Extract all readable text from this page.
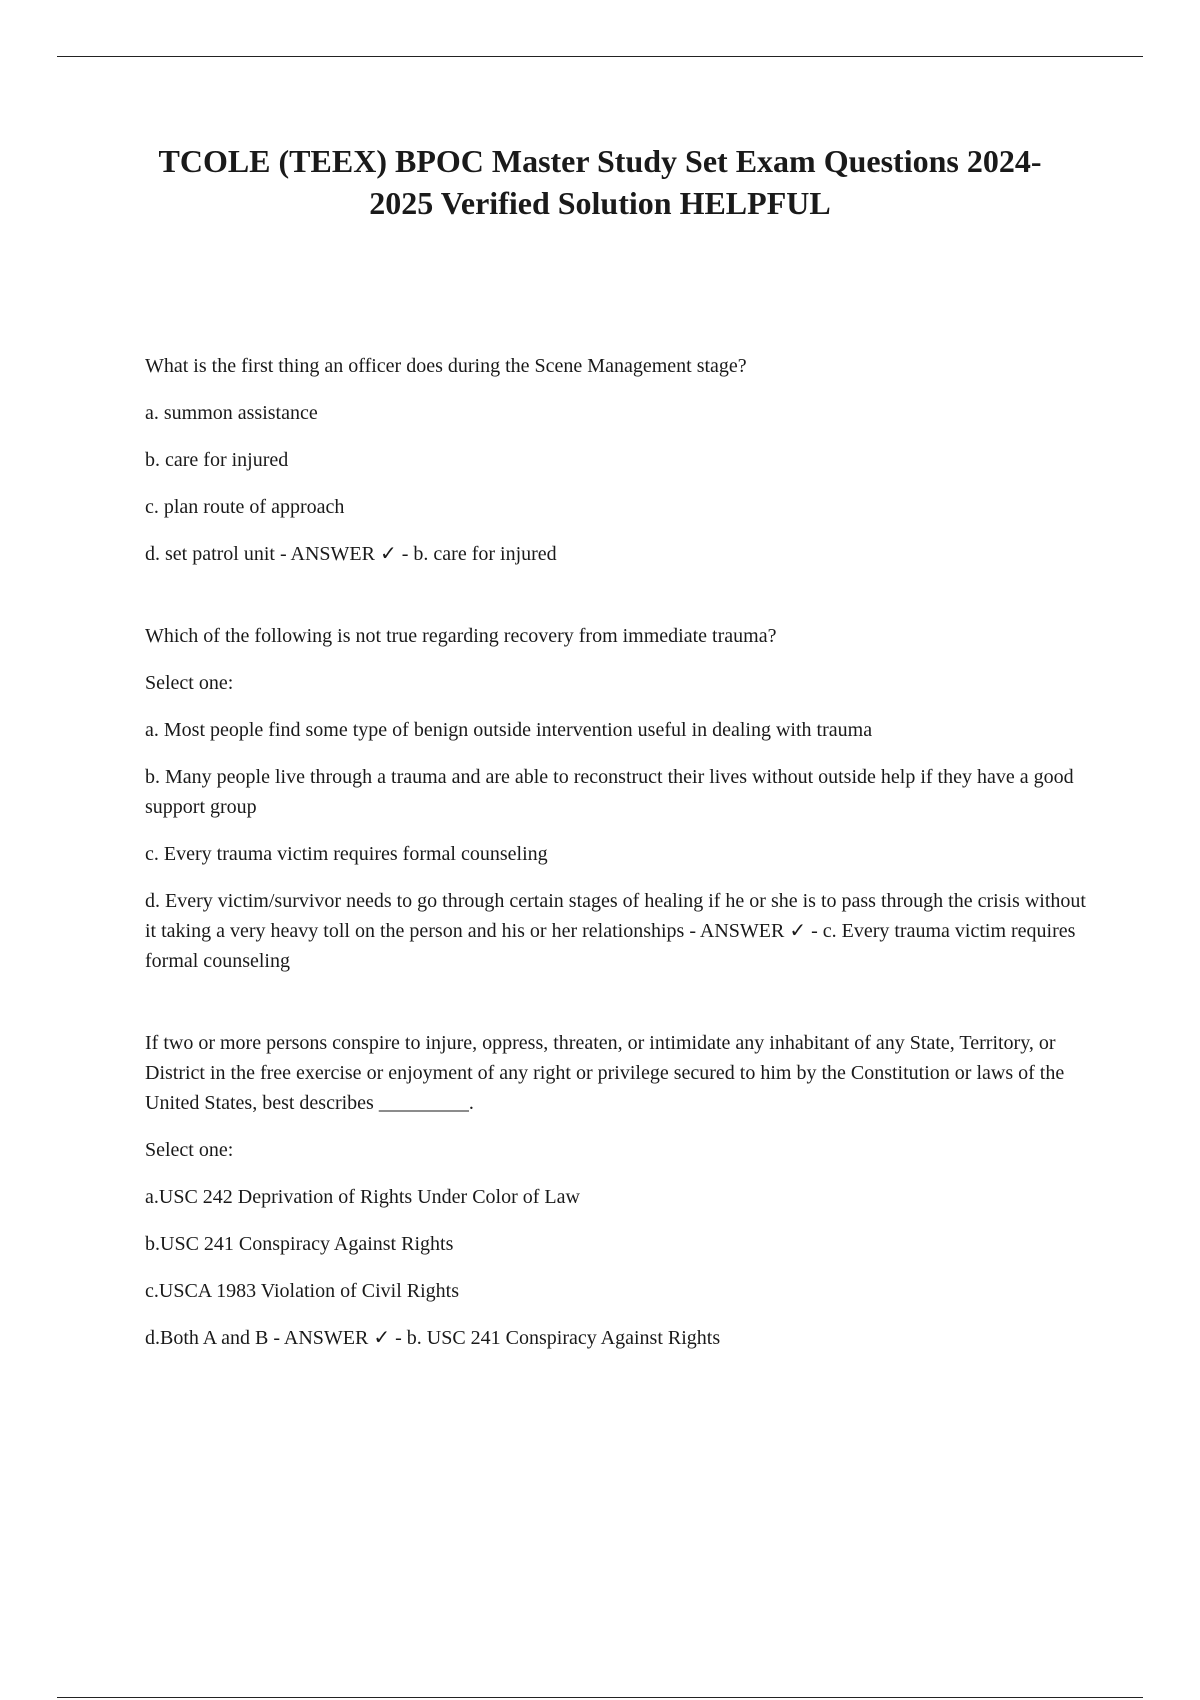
TCOLE (TEEX) BPOC Master Study Set Exam Questions 2024-2025 Verified Solution HELPFUL

What is the first thing an officer does during the Scene Management stage?

a. summon assistance

b. care for injured

c. plan route of approach

d. set patrol unit - ANSWER ✓ - b. care for injured

Which of the following is not true regarding recovery from immediate trauma?

Select one:

a. Most people find some type of benign outside intervention useful in dealing with trauma

b. Many people live through a trauma and are able to reconstruct their lives without outside help if they have a good support group

c. Every trauma victim requires formal counseling

d. Every victim/survivor needs to go through certain stages of healing if he or she is to pass through the crisis without it taking a very heavy toll on the person and his or her relationships - ANSWER ✓ - c. Every trauma victim requires formal counseling

If two or more persons conspire to injure, oppress, threaten, or intimidate any inhabitant of any State, Territory, or District in the free exercise or enjoyment of any right or privilege secured to him by the Constitution or laws of the United States, best describes _________.

Select one:

a.USC 242 Deprivation of Rights Under Color of Law

b.USC 241 Conspiracy Against Rights

c.USCA 1983 Violation of Civil Rights

d.Both A and B - ANSWER ✓ - b. USC 241 Conspiracy Against Rights
